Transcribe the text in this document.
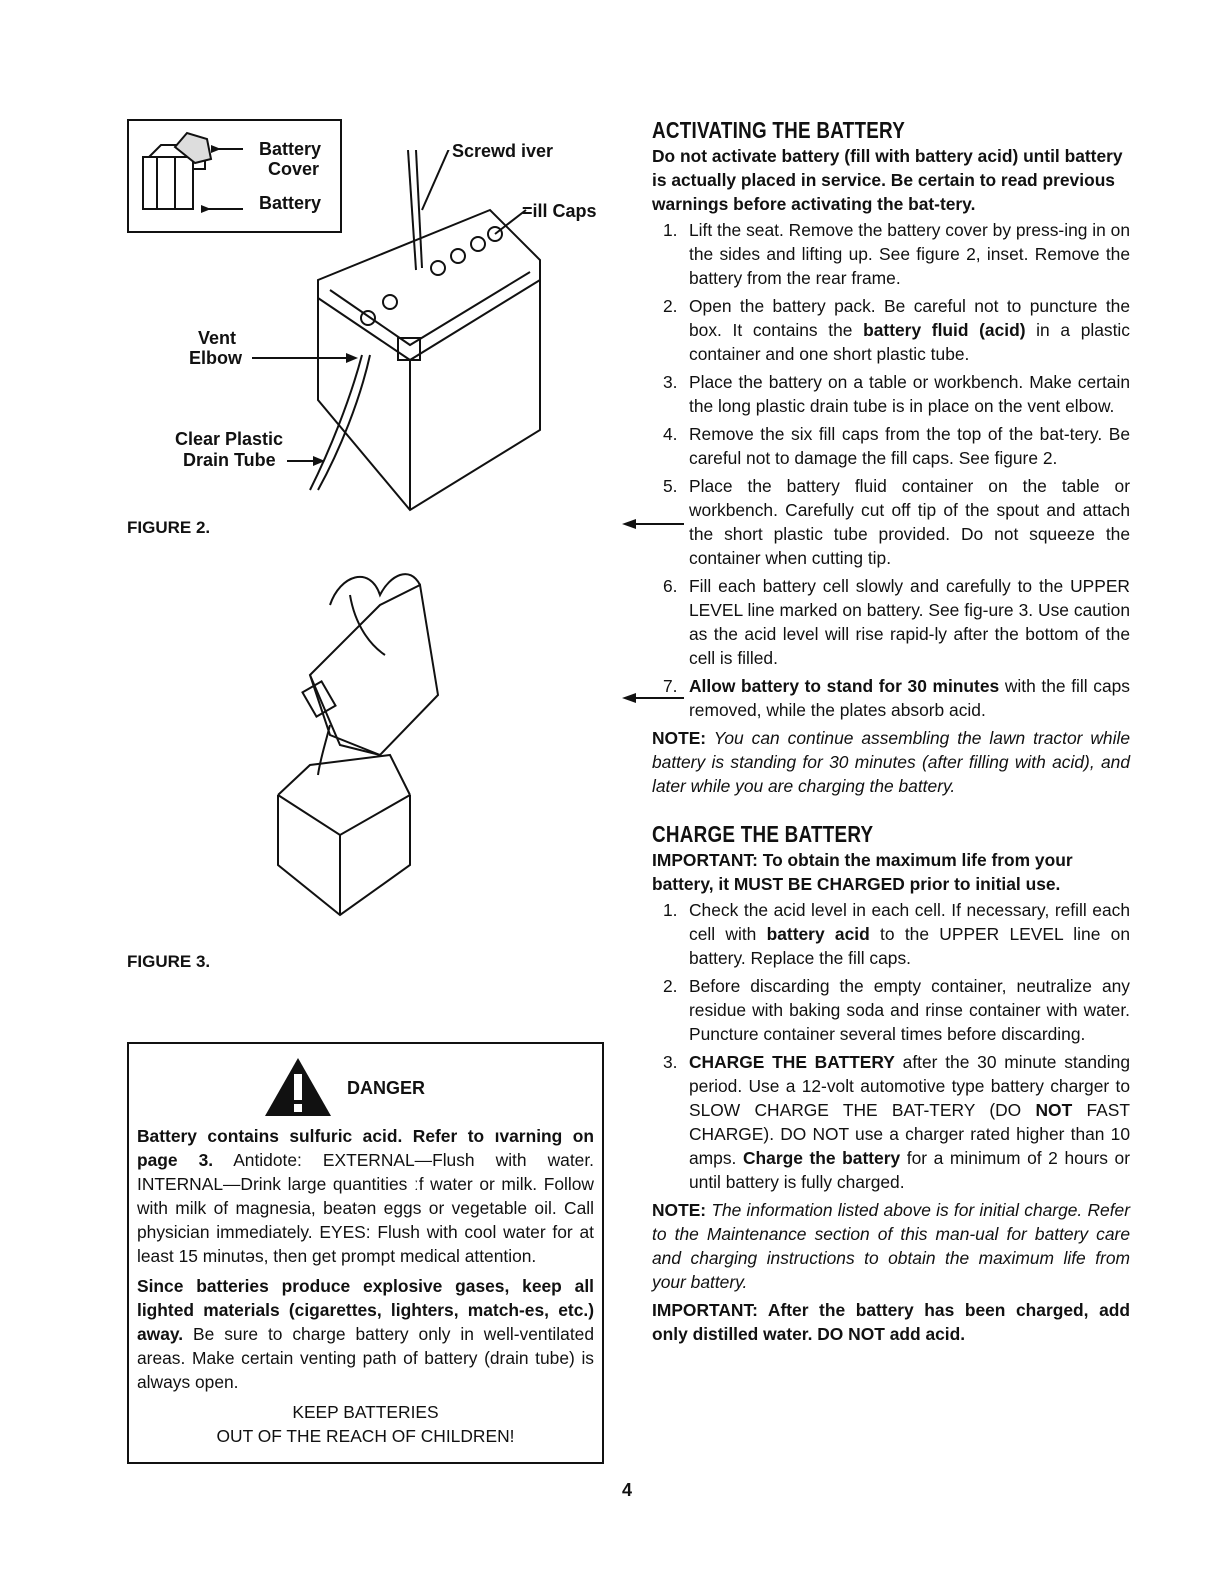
Battery
Cover
Battery
Screwd iver
=ill Caps
Vent
Elbow
Clear Plastic
Drain Tube
FIGURE 2.
FIGURE 3.
DANGER

Battery contains sulfuric acid. Refer to ıvarning on page 3. Antidote: EXTERNAL—Flush with water. INTERNAL—Drink large quantities ːf water or milk. Follow with milk of magnesia, beatən eggs or vegetable oil. Call physician immediately. EYES: Flush with cool water for at least 15 minutəs, then get prompt medical attention.

Since batteries produce explosive gases, keep all lighted materials (cigarettes, lighters, match-es, etc.) away. Be sure to charge battery only in well-ventilated areas. Make certain venting path of battery (drain tube) is always open.

KEEP BATTERIES

OUT OF THE REACH OF CHILDREN!

ACTIVATING THE BATTERY

Do not activate battery (fill with battery acid) until battery is actually placed in service. Be certain to read previous warnings before activating the bat-tery.

1. Lift the seat. Remove the battery cover by press-ing in on the sides and lifting up. See figure 2, inset. Remove the battery from the rear frame.
2. Open the battery pack. Be careful not to puncture the box. It contains the battery fluid (acid) in a plastic container and one short plastic tube.
3. Place the battery on a table or workbench. Make certain the long plastic drain tube is in place on the vent elbow.
4. Remove the six fill caps from the top of the bat-tery. Be careful not to damage the fill caps. See figure 2.
5. Place the battery fluid container on the table or workbench. Carefully cut off tip of the spout and attach the short plastic tube provided. Do not squeeze the container when cutting tip.
6. Fill each battery cell slowly and carefully to the UPPER LEVEL line marked on battery. See fig-ure 3. Use caution as the acid level will rise rapid-ly after the bottom of the cell is filled.
7. Allow battery to stand for 30 minutes with the fill caps removed, while the plates absorb acid.

NOTE: You can continue assembling the lawn tractor while battery is standing for 30 minutes (after filling with acid), and later while you are charging the battery.

CHARGE THE BATTERY

IMPORTANT: To obtain the maximum life from your battery, it MUST BE CHARGED prior to initial use.

1. Check the acid level in each cell. If necessary, refill each cell with battery acid to the UPPER LEVEL line on battery. Replace the fill caps.
2. Before discarding the empty container, neutralize any residue with baking soda and rinse container with water. Puncture container several times before discarding.
3. CHARGE THE BATTERY after the 30 minute standing period. Use a 12-volt automotive type battery charger to SLOW CHARGE THE BAT-TERY (DO NOT FAST CHARGE). DO NOT use a charger rated higher than 10 amps. Charge the battery for a minimum of 2 hours or until battery is fully charged.

NOTE: The information listed above is for initial charge. Refer to the Maintenance section of this man-ual for battery care and charging instructions to obtain the maximum life from your battery.

IMPORTANT: After the battery has been charged, add only distilled water. DO NOT add acid.

4
